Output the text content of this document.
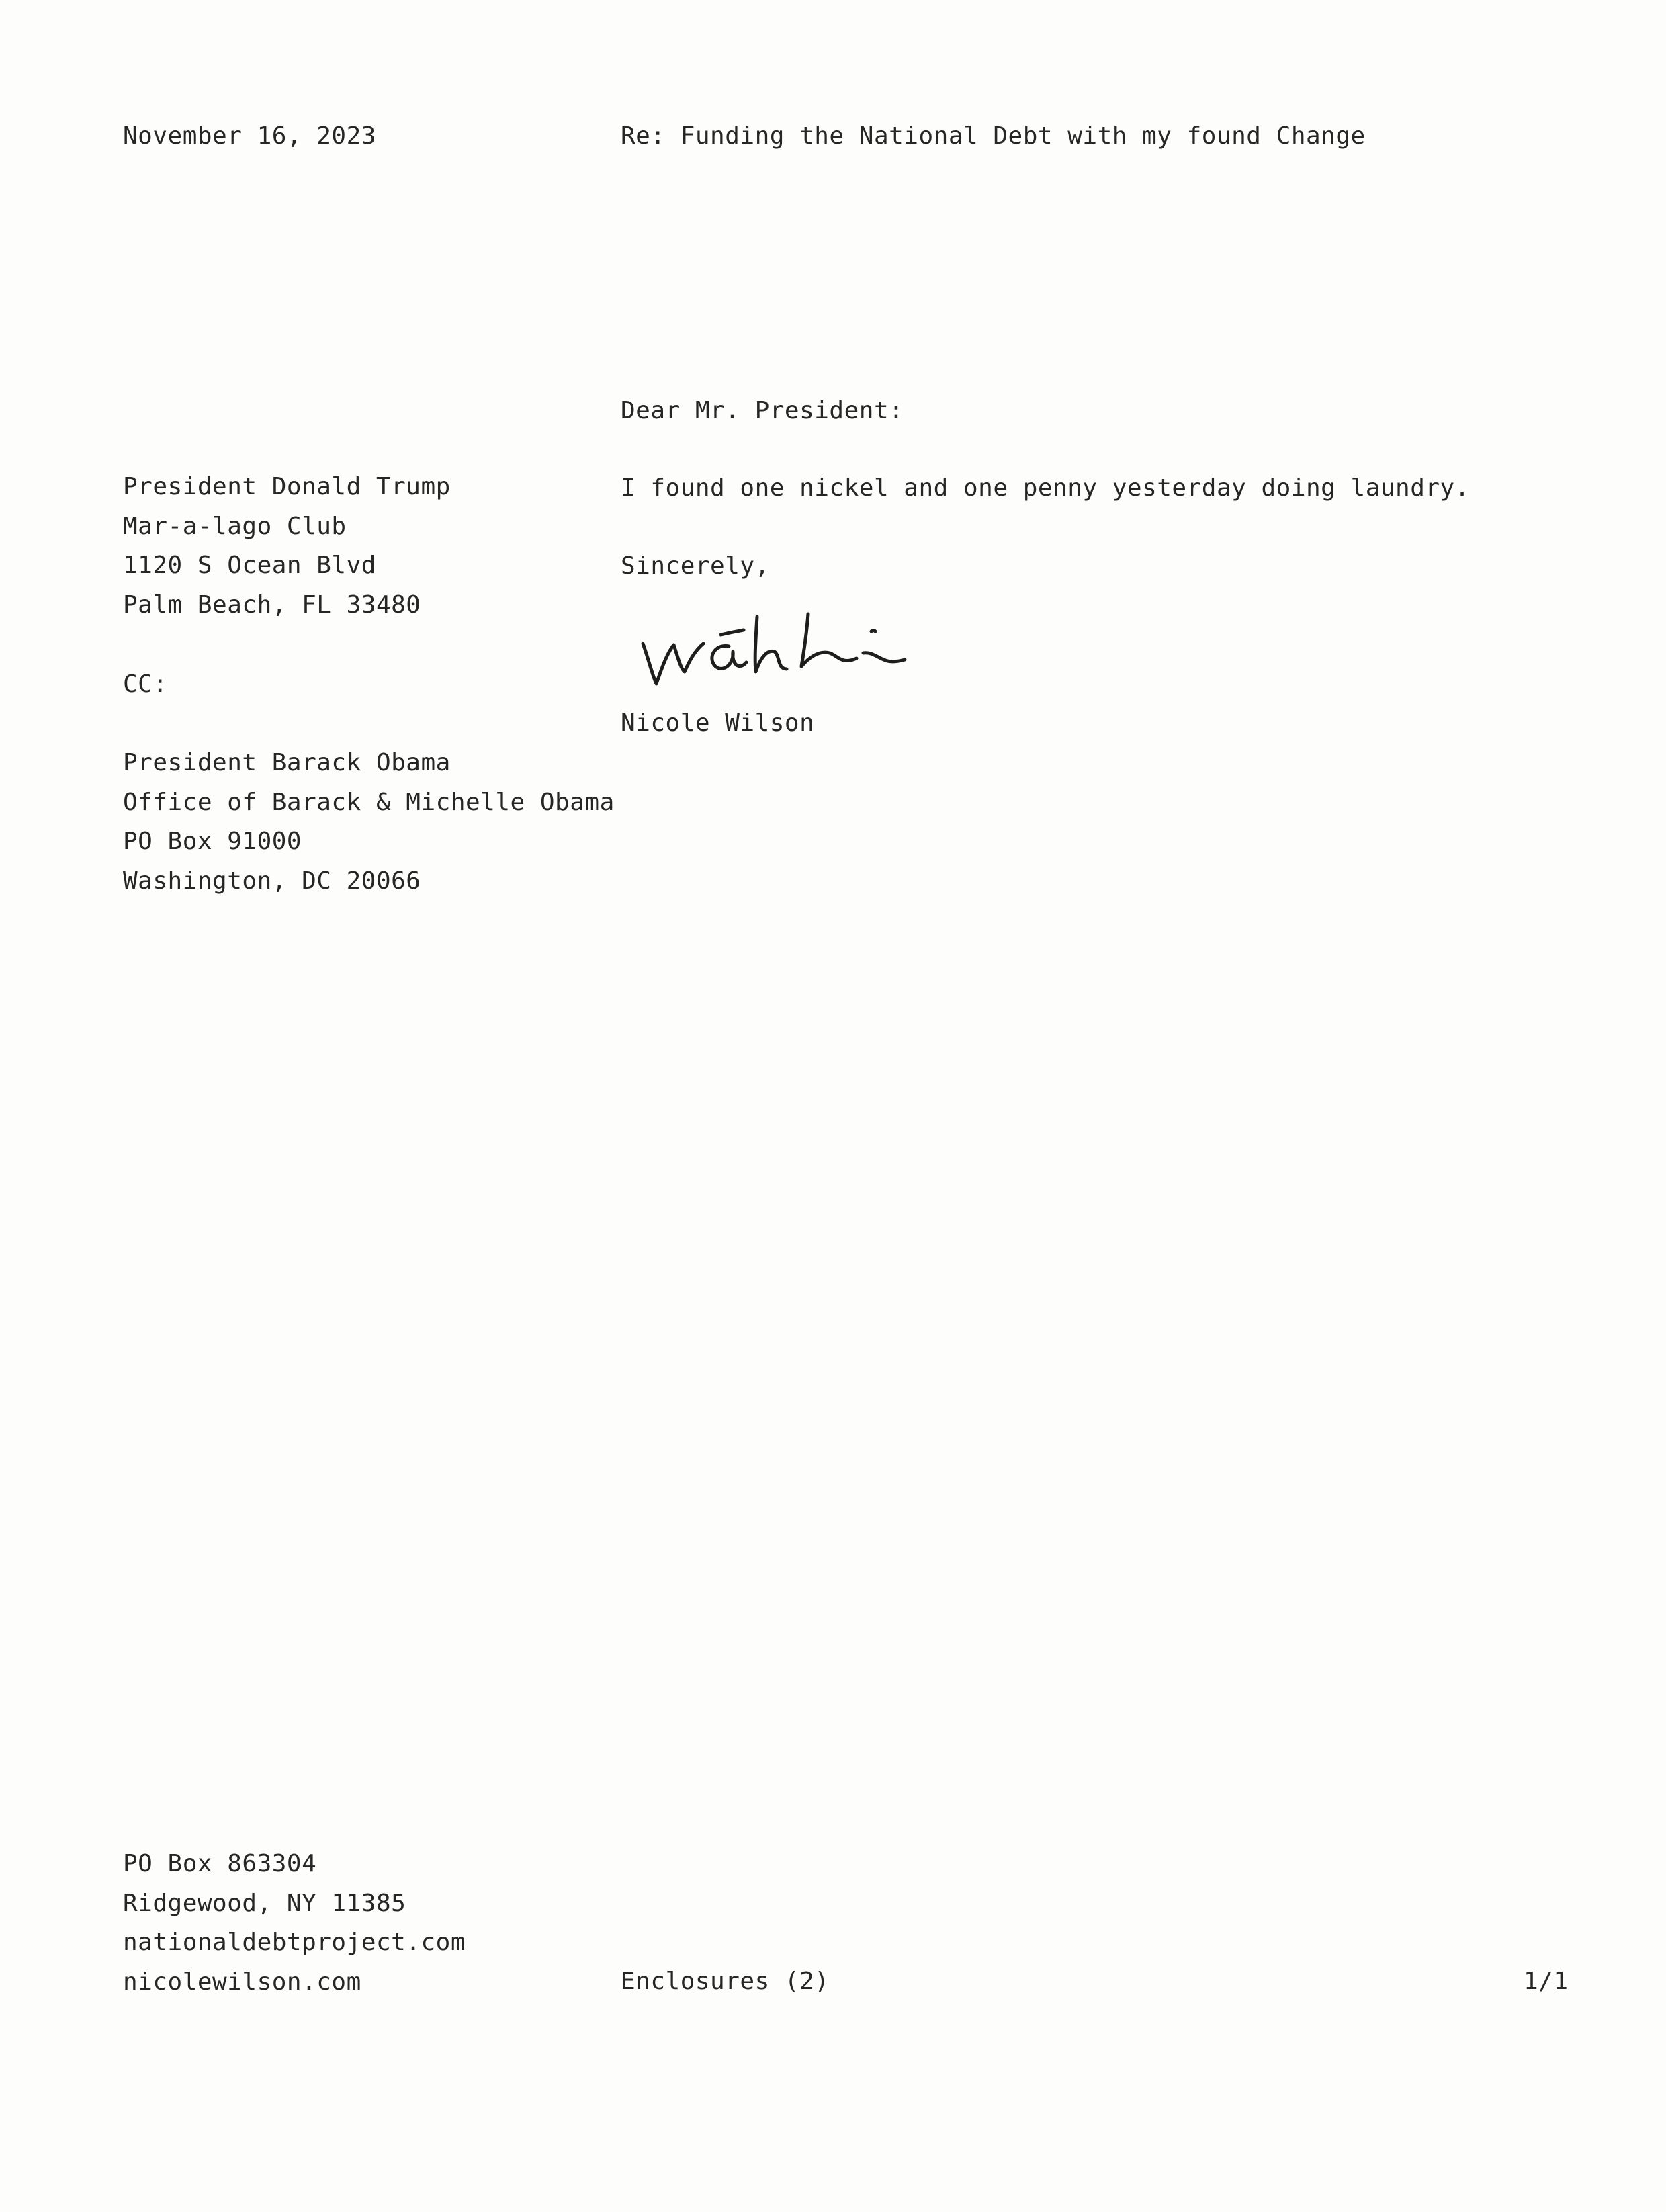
November 16, 2023	Re: Funding the National Debt with my found Change
Dear Mr. President:
President Donald Trump
Mar-a-lago Club
1120 S Ocean Blvd
Palm Beach, FL 33480
I found one nickel and one penny yesterday doing laundry.
Sincerely,
Nicole Wilson
CC:
President Barack Obama
Office of Barack & Michelle Obama
PO Box 91000
Washington, DC 20066
PO Box 863304
Ridgewood, NY 11385
nationaldebtproject.com
nicolewilson.com	Enclosures (2)	1/1
